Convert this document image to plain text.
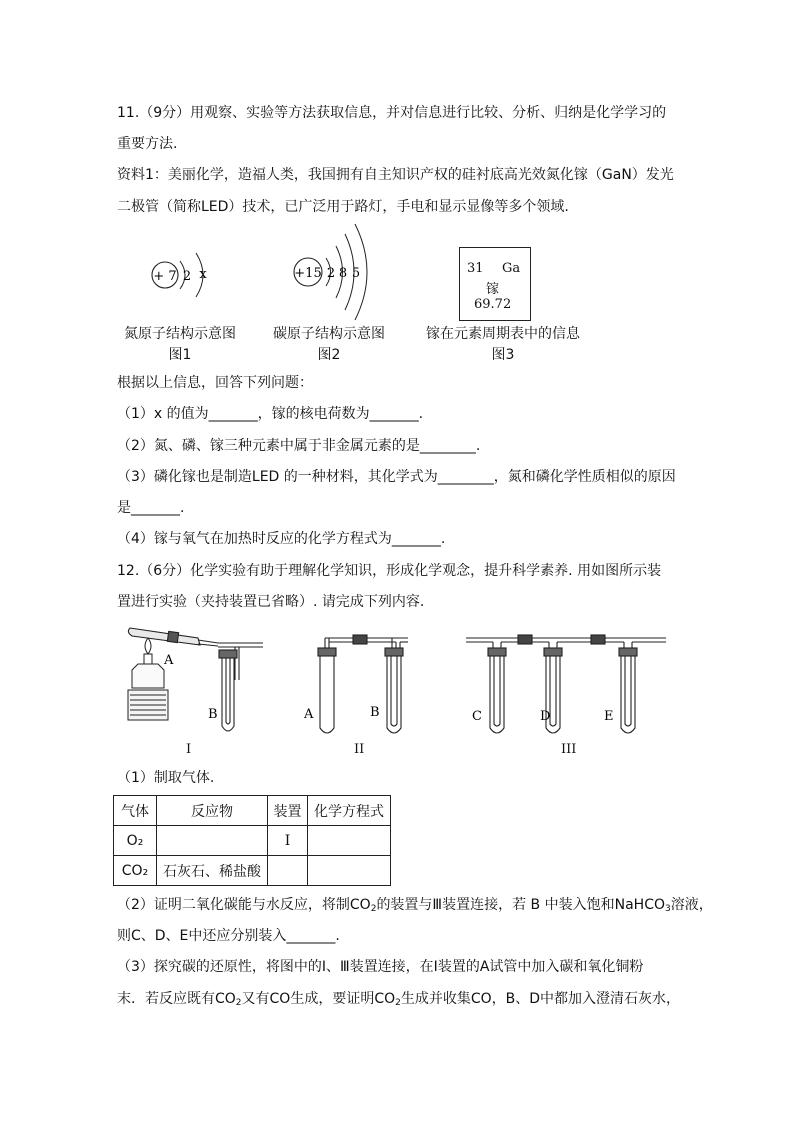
11.（9分）用观察、实验等方法获取信息，并对信息进行比较、分析、归纳是化学学习的
重要方法.
资料1：美丽化学，造福人类，我国拥有自主知识产权的硅衬底高光效氮化镓（GaN）发光
二极管（简称LED）技术，已广泛用于路灯，手电和显示显像等多个领域.
+ 7 2 x
氮原子结构示意图
图1
+15 2 8 5
碳原子结构示意图
图2
31 Ga
镓
69.72
镓在元素周期表中的信息
图3
根据以上信息，回答下列问题：
（1）x 的值为_______，镓的核电荷数为_______.
（2）氮、磷、镓三种元素中属于非金属元素的是________.
（3）磷化镓也是制造LED 的一种材料，其化学式为________，氮和磷化学性质相似的原因
是_______.
（4）镓与氧气在加热时反应的化学方程式为_______.
12.（6分）化学实验有助于理解化学知识，形成化学观念，提升科学素养. 用如图所示装
置进行实验（夹持装置已省略）. 请完成下列内容.
A
B
I
A	B
II
C	D	E
III
（1）制取气体.
气体	反应物	装置	化学方程式
O₂		I	
CO₂	石灰石、稀盐酸		
（2）证明二氧化碳能与水反应，将制$CO_2$的装置与Ⅲ装置连接，若 B 中装入饱和NaHCO$_3$溶液，
则C、D、E中还应分别装入_______.
（3）探究碳的还原性，将图中的Ⅰ、Ⅲ装置连接，在Ⅰ装置的A试管中加入碳和氧化铜粉
末．若反应既有$CO_2$又有CO生成，要证明$CO_2$生成并收集CO，B、D中都加入澄清石灰水，
